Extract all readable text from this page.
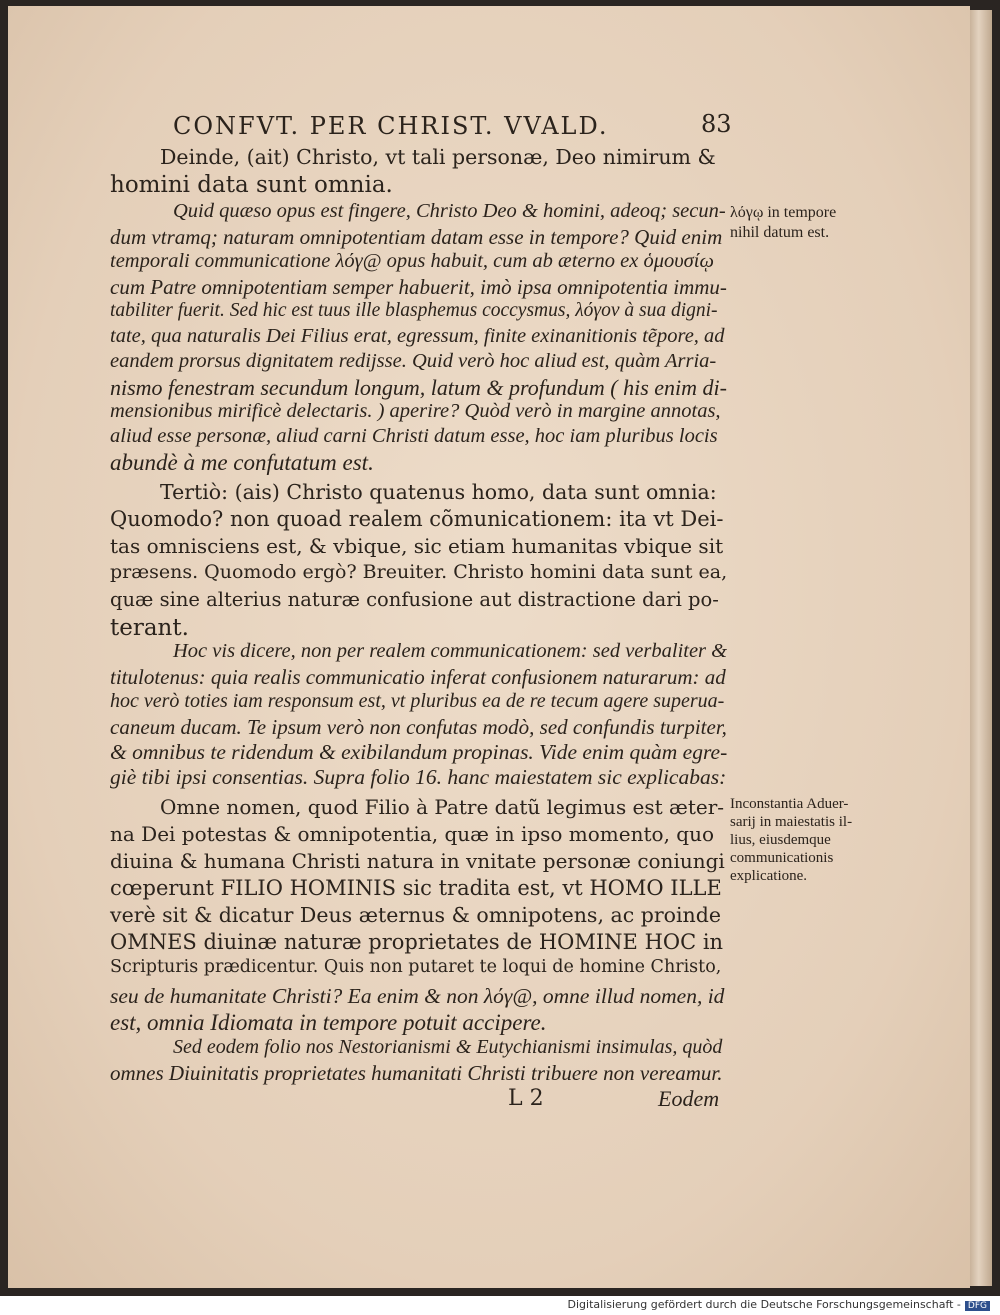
CONFVT. PER CHRIST. VVALD.	83
Deinde, (ait) Christo, vt tali personæ, Deo nimirum &
homini data sunt omnia.
Quid quæso opus est fingere, Christo Deo & homini, adeoq; secun-
dum vtramq; naturam omnipotentiam datam esse in tempore? Quid enim
temporali communicatione λόγ@ opus habuit, cum ab æterno ex ὁμουσίῳ
cum Patre omnipotentiam semper habuerit, imò ipsa omnipotentia immu-
tabiliter fuerit. Sed hic est tuus ille blasphemus coccysmus, λόγον à sua digni-
tate, qua naturalis Dei Filius erat, egressum, finite exinanitionis tẽpore, ad
eandem prorsus dignitatem redijsse. Quid verò hoc aliud est, quàm Arria-
nismo fenestram secundum longum, latum & profundum ( his enim di-
mensionibus mirificè delectaris. ) aperire? Quòd verò in margine annotas,
aliud esse personæ, aliud carni Christi datum esse, hoc iam pluribus locis
abundè à me confutatum est.
Tertiò: (ais) Christo quatenus homo, data sunt omnia:
Quomodo? non quoad realem cõmunicationem: ita vt Dei-
tas omnisciens est, & vbique, sic etiam humanitas vbique sit
præsens. Quomodo ergò? Breuiter. Christo homini data sunt ea,
quæ sine alterius naturæ confusione aut distractione dari po-
terant.
Hoc vis dicere, non per realem communicationem: sed verbaliter &
titulotenus: quia realis communicatio inferat confusionem naturarum: ad
hoc verò toties iam responsum est, vt pluribus ea de re tecum agere superua-
caneum ducam. Te ipsum verò non confutas modò, sed confundis turpiter,
& omnibus te ridendum & exibilandum propinas. Vide enim quàm egre-
giè tibi ipsi consentias. Supra folio 16. hanc maiestatem sic explicabas:
Omne nomen, quod Filio à Patre datũ legimus est æter-
na Dei potestas & omnipotentia, quæ in ipso momento, quo
diuina & humana Christi natura in vnitate personæ coniungi
cœperunt FILIO HOMINIS sic tradita est, vt HOMO ILLE
verè sit & dicatur Deus æternus & omnipotens, ac proinde
OMNES diuinæ naturæ proprietates de HOMINE HOC in
Scripturis prædicentur. Quis non putaret te loqui de homine Christo,
seu de humanitate Christi? Ea enim & non λόγ@, omne illud nomen, id
est, omnia Idiomata in tempore potuit accipere.
Sed eodem folio nos Nestorianismi & Eutychianismi insimulas, quòd
omnes Diuinitatis proprietates humanitati Christi tribuere non vereamur.
λόγῳ in tempore
nihil datum est.
Inconstantia Aduer-
sarij in maiestatis il-
lius, eiusdemque
communicationis
explicatione.
L 2	Eodem
Digitalisierung gefördert durch die Deutsche Forschungsgemeinschaft - DFG
